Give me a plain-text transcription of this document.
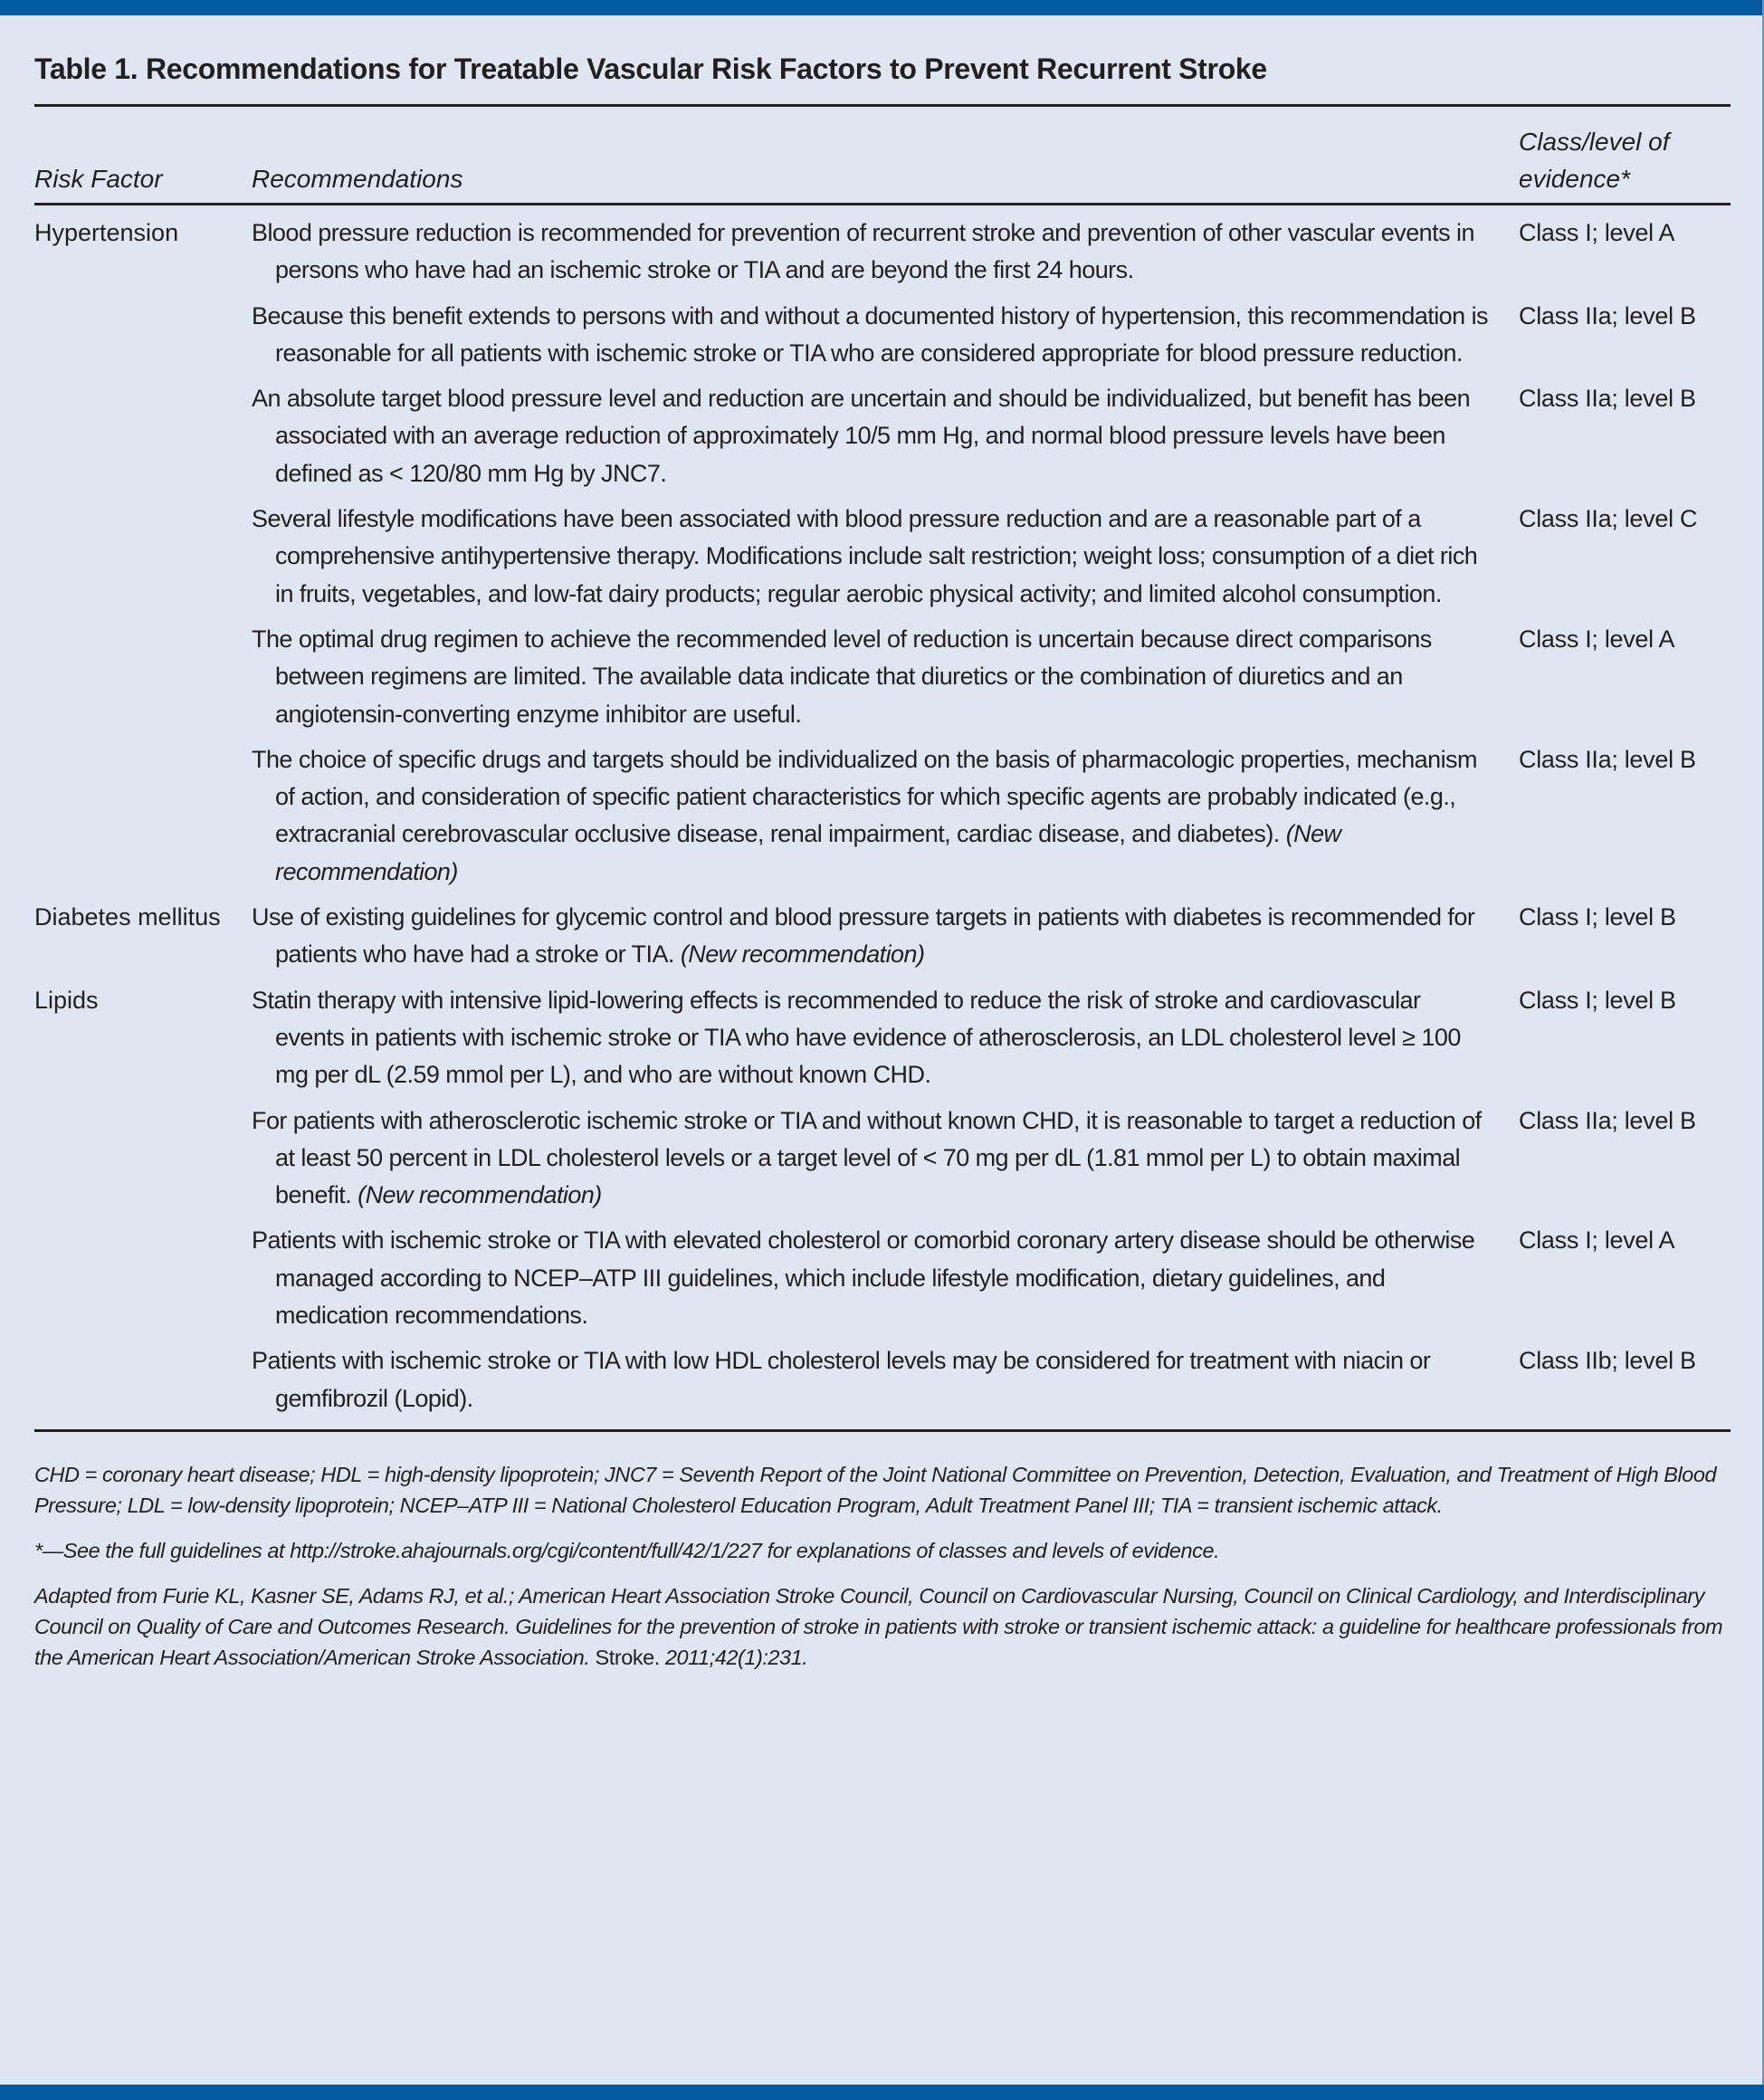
Table 1. Recommendations for Treatable Vascular Risk Factors to Prevent Recurrent Stroke
Risk Factor	Recommendations	Class/level of evidence*

Hypertension	Blood pressure reduction is recommended for prevention of recurrent stroke and prevention of other vascular events in persons who have had an ischemic stroke or TIA and are beyond the first 24 hours.	Class I; level A

	Because this benefit extends to persons with and without a documented history of hypertension, this recommendation is reasonable for all patients with ischemic stroke or TIA who are considered appropriate for blood pressure reduction.	Class IIa; level B

	An absolute target blood pressure level and reduction are uncertain and should be individualized, but benefit has been associated with an average reduction of approximately 10/5 mm Hg, and normal blood pressure levels have been defined as < 120/80 mm Hg by JNC7.	Class IIa; level B

	Several lifestyle modifications have been associated with blood pressure reduction and are a reasonable part of a comprehensive antihypertensive therapy. Modifications include salt restriction; weight loss; consumption of a diet rich in fruits, vegetables, and low-fat dairy products; regular aerobic physical activity; and limited alcohol consumption.	Class IIa; level C

	The optimal drug regimen to achieve the recommended level of reduction is uncertain because direct comparisons between regimens are limited. The available data indicate that diuretics or the combination of diuretics and an angiotensin-converting enzyme inhibitor are useful.	Class I; level A

	The choice of specific drugs and targets should be individualized on the basis of pharmacologic properties, mechanism of action, and consideration of specific patient characteristics for which specific agents are probably indicated (e.g., extracranial cerebrovascular occlusive disease, renal impairment, cardiac disease, and diabetes). (New recommendation)	Class IIa; level B

Diabetes mellitus	Use of existing guidelines for glycemic control and blood pressure targets in patients with diabetes is recommended for patients who have had a stroke or TIA. (New recommendation)	Class I; level B

Lipids	Statin therapy with intensive lipid-lowering effects is recommended to reduce the risk of stroke and cardiovascular events in patients with ischemic stroke or TIA who have evidence of atherosclerosis, an LDL cholesterol level ≥ 100 mg per dL (2.59 mmol per L), and who are without known CHD.	Class I; level B

	For patients with atherosclerotic ischemic stroke or TIA and without known CHD, it is reasonable to target a reduction of at least 50 percent in LDL cholesterol levels or a target level of < 70 mg per dL (1.81 mmol per L) to obtain maximal benefit. (New recommendation)	Class IIa; level B

	Patients with ischemic stroke or TIA with elevated cholesterol or comorbid coronary artery disease should be otherwise managed according to NCEP–ATP III guidelines, which include lifestyle modification, dietary guidelines, and medication recommendations.	Class I; level A

	Patients with ischemic stroke or TIA with low HDL cholesterol levels may be considered for treatment with niacin or gemfibrozil (Lopid).	Class IIb; level B

CHD = coronary heart disease; HDL = high-density lipoprotein; JNC7 = Seventh Report of the Joint National Committee on Prevention, Detection, Evaluation, and Treatment of High Blood Pressure; LDL = low-density lipoprotein; NCEP–ATP III = National Cholesterol Education Program, Adult Treatment Panel III; TIA = transient ischemic attack.

*—See the full guidelines at http://stroke.ahajournals.org/cgi/content/full/42/1/227 for explanations of classes and levels of evidence.

Adapted from Furie KL, Kasner SE, Adams RJ, et al.; American Heart Association Stroke Council, Council on Cardiovascular Nursing, Council on Clinical Cardiology, and Interdisciplinary Council on Quality of Care and Outcomes Research. Guidelines for the prevention of stroke in patients with stroke or transient ischemic attack: a guideline for healthcare professionals from the American Heart Association/American Stroke Association. Stroke. 2011;42(1):231.
